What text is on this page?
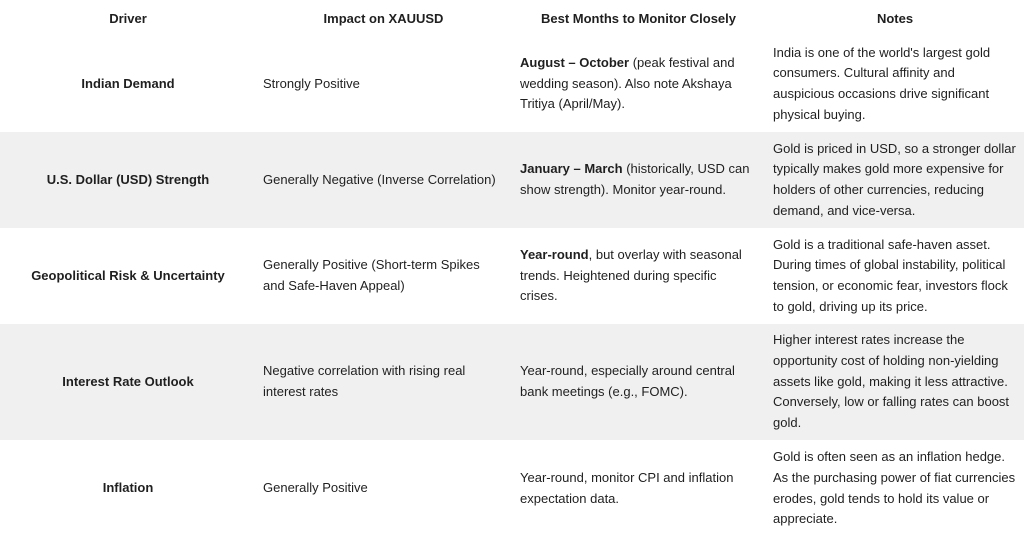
Driver	Impact on XAUUSD	Best Months to Monitor Closely	Notes
Indian Demand	Strongly Positive	August – October (peak festival and wedding season). Also note Akshaya Tritiya (April/May).	India is one of the world's largest gold consumers. Cultural affinity and auspicious occasions drive significant physical buying.
U.S. Dollar (USD) Strength	Generally Negative (Inverse Correlation)	January – March (historically, USD can show strength). Monitor year-round.	Gold is priced in USD, so a stronger dollar typically makes gold more expensive for holders of other currencies, reducing demand, and vice-versa.
Geopolitical Risk & Uncertainty	Generally Positive (Short-term Spikes and Safe-Haven Appeal)	Year-round, but overlay with seasonal trends. Heightened during specific crises.	Gold is a traditional safe-haven asset. During times of global instability, political tension, or economic fear, investors flock to gold, driving up its price.
Interest Rate Outlook	Negative correlation with rising real interest rates	Year-round, especially around central bank meetings (e.g., FOMC).	Higher interest rates increase the opportunity cost of holding non-yielding assets like gold, making it less attractive. Conversely, low or falling rates can boost gold.
Inflation	Generally Positive	Year-round, monitor CPI and inflation expectation data.	Gold is often seen as an inflation hedge. As the purchasing power of fiat currencies erodes, gold tends to hold its value or appreciate.
